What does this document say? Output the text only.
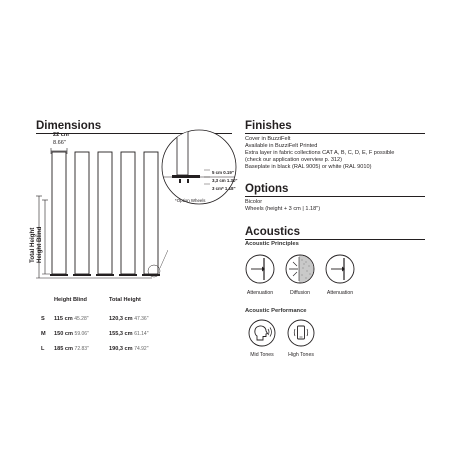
Dimensions
22 cm
8.66"
Total Height Height Blind
5 cm 0.19"
3,3 cm 1.30"
3 cm* 1.18"
*Option Wheels
	Height Blind	Total Height
S	115 cm 45.28"	120,3 cm 47.36"
M	150 cm 59.06"	155,3 cm 61.14"
L	185 cm 72.83"	190,3 cm 74.92"
Finishes
Cover in BuzziFelt
Available in BuzziFelt Printed
Extra layer in fabric collections CAT A, B, C, D, E, F possible
(check our application overview p. 312)
Baseplate in black (RAL 9005) or white (RAL 9010)
Options
Bicolor
Wheels (height + 3 cm | 1.18")
Acoustics
Acoustic Principles
Attenuation	Diffusion	Attenuation
Acoustic Performance
Mid Tones	High Tones
